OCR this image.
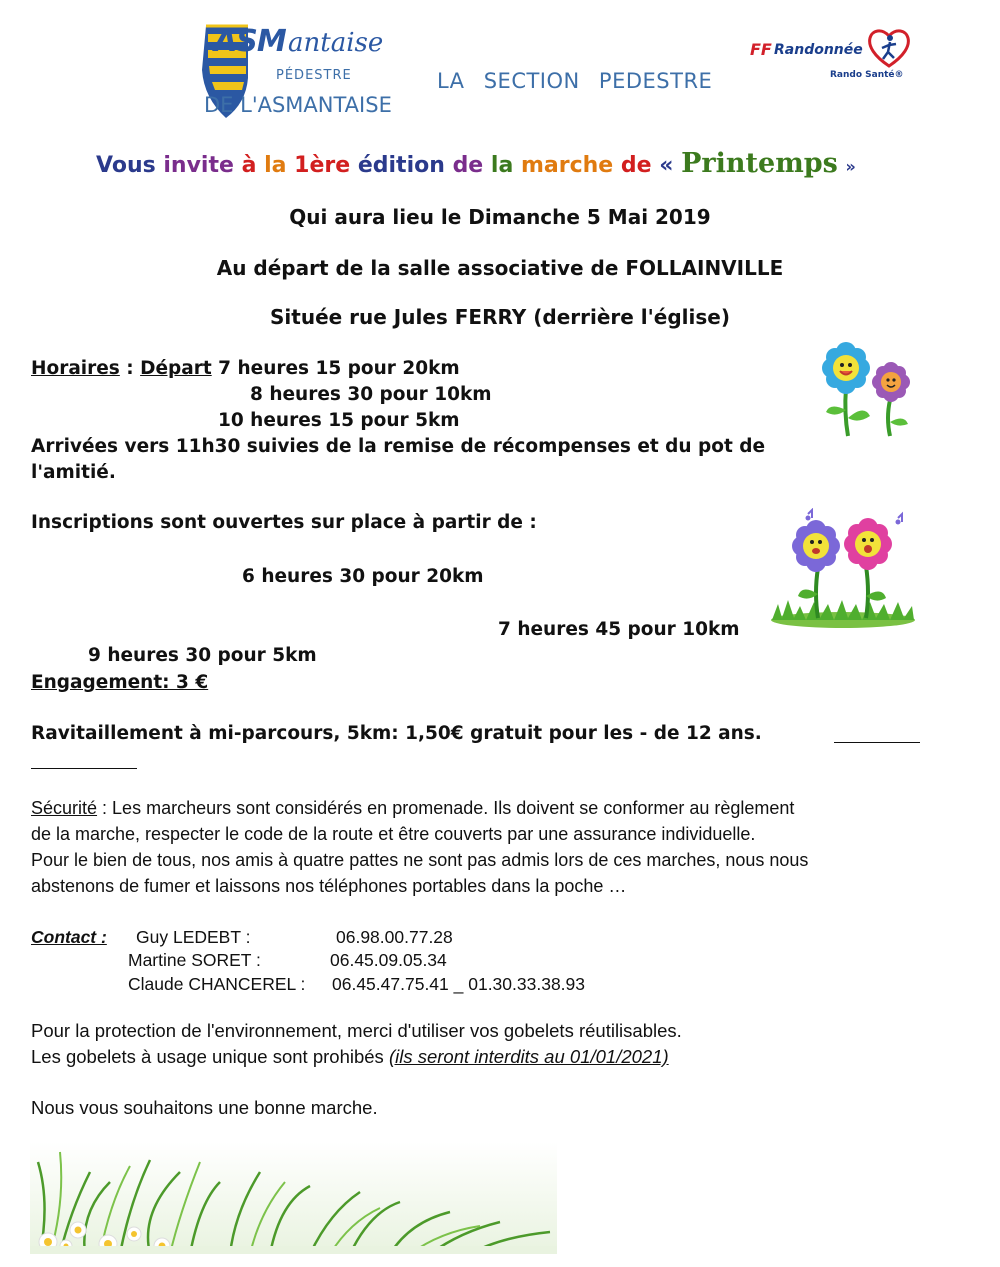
ASM antaise
PÉDESTRE
DE L'ASMANTAISE
LA SECTION PEDESTRE
FF Randonnée
Rando Santé®
Vous invite à la 1ère édition de la marche de « Printemps »
Qui aura lieu le Dimanche 5 Mai 2019
Au départ de la salle associative de FOLLAINVILLE
Située rue Jules FERRY (derrière l'église)
Horaires : Départ 7 heures 15 pour 20km
8 heures 30 pour 10km
10 heures 15 pour 5km
Arrivées vers 11h30 suivies de la remise de récompenses et du pot de
l'amitié.
Inscriptions sont ouvertes sur place à partir de :
6 heures 30 pour 20km
7 heures 45 pour 10km
9 heures 30 pour 5km
Engagement: 3 €
Ravitaillement à mi-parcours, 5km: 1,50€ gratuit pour les - de 12 ans.
Sécurité : Les marcheurs sont considérés en promenade. Ils doivent se conformer au règlement
de la marche, respecter le code de la route et être couverts par une assurance individuelle.
Pour le bien de tous, nos amis à quatre pattes ne sont pas admis lors de ces marches, nous nous
abstenons de fumer et laissons nos téléphones portables dans la poche …
Contact : Guy LEDEBT :	06.98.00.77.28
Martine SORET :	06.45.09.05.34
Claude CHANCEREL : 06.45.47.75.41 _ 01.30.33.38.93
Pour la protection de l'environnement, merci d'utiliser vos gobelets réutilisables.
Les gobelets à usage unique sont prohibés (ils seront interdits au 01/01/2021)
Nous vous souhaitons une bonne marche.
